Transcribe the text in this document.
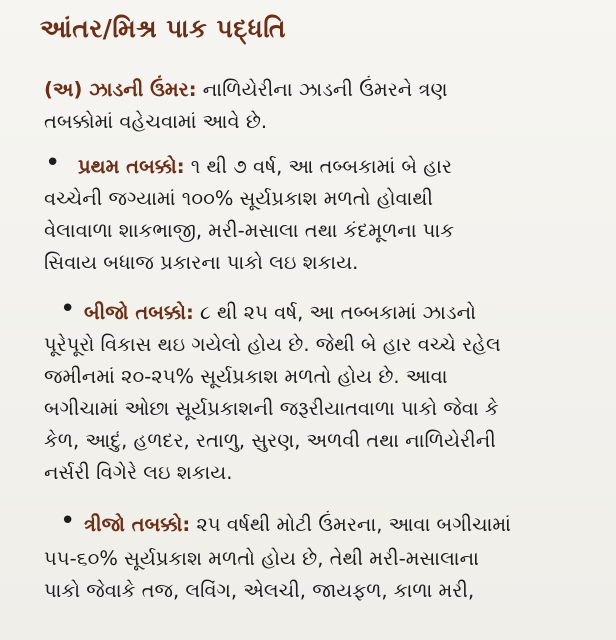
આંતર/મિશ્ર પાક પદ્ધતિ
(અ) ઝાડની ઉંમર: નાળિયેરીના ઝાડની ઉંમરને ત્રણ
તબક્કોમાં વહેચવામાં આવે છે.
• પ્રથમ તબક્કો: ૧ થી ૭ વર્ષ, આ તબ્બકામાં બે હાર
વચ્ચેની જગ્યામાં ૧૦૦% સૂર્યપ્રકાશ મળતો હોવાથી
વેલાવાળા શાકભાજી, મરી-મસાલા તથા કંદમૂળના પાક
સિવાય બધાજ પ્રકારના પાકો લઇ શકાય.
• બીજો તબક્કો: ૮ થી ૨૫ વર્ષ, આ તબ્બકામાં ઝાડનો
પૂરેપૂરો વિકાસ થઇ ગયેલો હોય છે. જેથી બે હાર વચ્ચે રહેલ
જમીનમાં ૨૦-૨૫% સૂર્યપ્રકાશ મળતો હોય છે. આવા
બગીચામાં ઓછા સૂર્યપ્રકાશની જરૂરીયાતવાળા પાકો જેવા કે
કેળ, આદું, હળદર, રતાળુ, સુરણ, અળવી તથા નાળિયેરીની
નર્સરી વિગેરે લઇ શકાય.
• ત્રીજો તબક્કો: ૨૫ વર્ષથી મોટી ઉંમરના, આવા બગીચામાં
૫૫-૬૦% સૂર્યપ્રકાશ મળતો હોય છે, તેથી મરી-મસાલાના
પાકો જેવાકે તજ, લવિંગ, એલચી, જાયફળ, કાળા મરી,
